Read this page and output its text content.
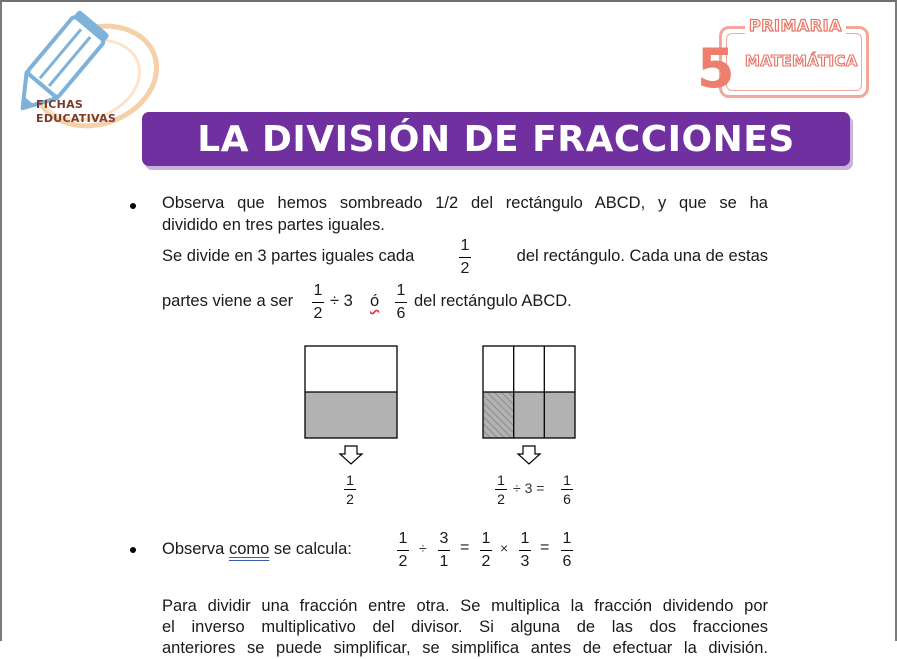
FICHAS
EDUCATIVAS
PRIMARIA
MATEMÁTICA
5
LA DIVISIÓN DE FRACCIONES
Observa que hemos sombreado 1/2 del rectángulo ABCD, y que se ha
dividido en tres partes iguales.
Se divide en 3 partes iguales cada
1
2
del rectángulo. Cada una de estas
partes viene a ser
1
2
÷ 3 ó
1
6
del rectángulo ABCD.
1
2
1
2
÷ 3 = 1
6
Observa como se calcula:
1
2
÷
3
1
=
1
2
×
1
3
=
1
6
Para dividir una fracción entre otra. Se multiplica la fracción dividendo por
el inverso multiplicativo del divisor. Si alguna de las dos fracciones
anteriores se puede simplificar, se simplifica antes de efectuar la división.
